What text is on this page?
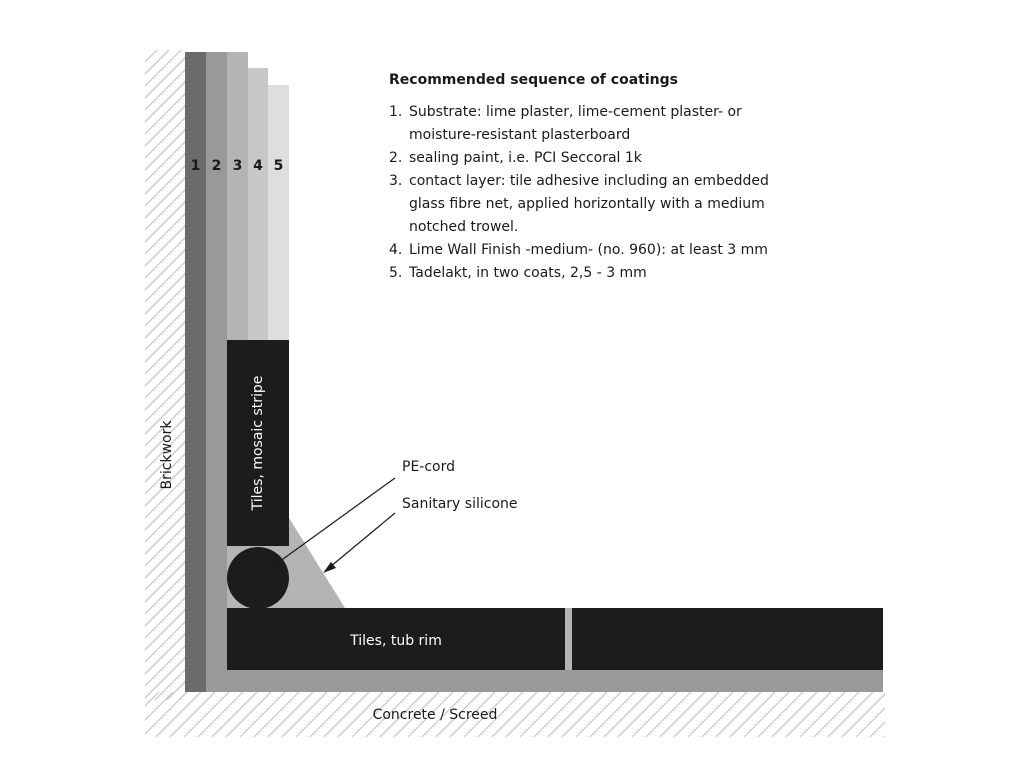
1 2 3 4 5
Brickwork	Tiles, mosaic stripe	PE-cord
Sanitary silicone
Tiles, tub rim
Concrete / Screed
Recommended sequence of coatings
1. Substrate: lime plaster, lime-cement plaster- or moisture-resistant plasterboard
2. sealing paint, i.e. PCI Seccoral 1k
3. contact layer: tile adhesive including an embedded glass fibre net, applied horizontally with a medium notched trowel.
4. Lime Wall Finish -medium- (no. 960): at least 3 mm
5. Tadelakt, in two coats, 2,5 - 3 mm
